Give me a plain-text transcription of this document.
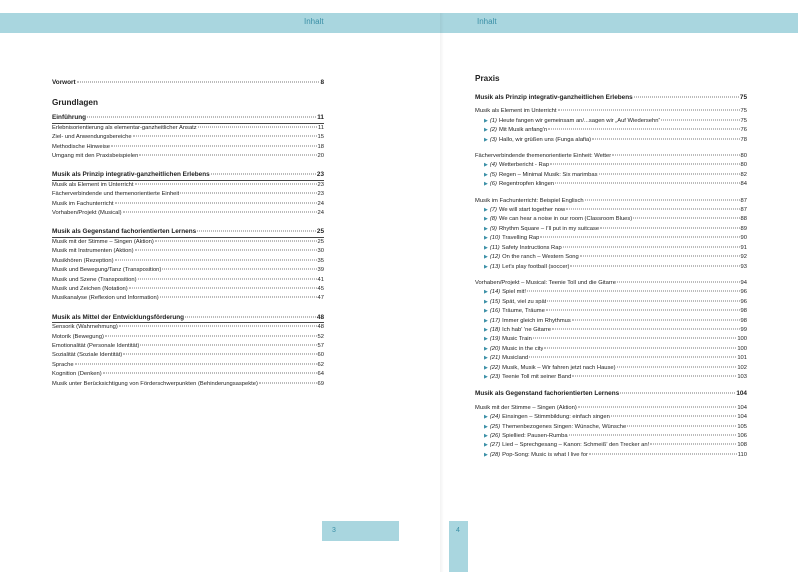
Inhalt	Inhalt
Vorwort	8
Grundlagen
Einführung	11
Erlebnisorientierung als elementar-ganzheitlicher Ansatz	11
Ziel- und Anwendungsbereiche	15
Methodische Hinweise	18
Umgang mit den Praxisbeispielen	20
Musik als Prinzip integrativ-ganzheitlichen Erlebens	23
Musik als Element im Unterricht	23
Fächerverbindende und themenorientierte Einheit	23
Musik im Fachunterricht	24
Vorhaben/Projekt (Musical)	24
Musik als Gegenstand fachorientierten Lernens	25
Musik mit der Stimme – Singen (Aktion)	25
Musik mit Instrumenten (Aktion)	30
Musikhören (Rezeption)	35
Musik und Bewegung/Tanz (Transposition)	39
Musik und Szene (Transposition)	41
Musik und Zeichen (Notation)	45
Musikanalyse (Reflexion und Information)	47
Musik als Mittel der Entwicklungsförderung	48
Sensorik (Wahrnehmung)	48
Motorik (Bewegung)	52
Emotionalität (Personale Identität)	57
Sozialität (Soziale Identität)	60
Sprache	62
Kognition (Denken)	64
Musik unter Berücksichtigung von Förderschwerpunkten (Behinderungsaspekte)	69
Praxis
Musik als Prinzip integrativ-ganzheitlichen Erlebens	75
Musik als Element im Unterricht	75
▶ (1) Heute fangen wir gemeinsam an/...sagen wir „Auf Wiedersehn“	75
▶ (2) Mit Musik anfang’n	76
▶ (3) Hallo, wir grüßen uns (Funga alafia)	78
Fächerverbindende themenorientierte Einheit: Wetter	80
▶ (4) Wetterbericht - Rap	80
▶ (5) Regen – Minimal Musik: Six marimbas	82
▶ (6) Regentropfen klingen	84
Musik im Fachunterricht: Beispiel Englisch	87
▶ (7) We will start together now	87
▶ (8) We can hear a noise in our room (Classroom Blues)	88
▶ (9) Rhythm Square – I’ll put in my suitcase	89
▶ (10) Travelling Rap	90
▶ (11) Safety Instructions Rap	91
▶ (12) On the ranch – Western Song	92
▶ (13) Let’s play football (soccer)	93
Vorhaben/Projekt – Musical: Teenie Toll und die Gitarre	94
▶ (14) Spiel mit!	96
▶ (15) Spät, viel zu spät	96
▶ (16) Träume, Träume	98
▶ (17) Immer gleich im Rhythmus	98
▶ (18) Ich hab’ ’ne Gitarre	99
▶ (19) Music Train	100
▶ (20) Music in the city	100
▶ (21) Musicland	101
▶ (22) Musik, Musik – Wir fahren jetzt nach Hause)	102
▶ (23) Teenie Toll mit seiner Band	103
Musik als Gegenstand fachorientierten Lernens	104
Musik mit der Stimme – Singen (Aktion)	104
▶ (24) Einsingen – Stimmbildung: einfach singen	104
▶ (25) Themenbezogenes Singen: Wünsche, Wünsche	105
▶ (26) Spiellied: Pausen-Rumba	106
▶ (27) Lied – Sprechgesang – Kanon: Schmeiß’ den Trecker an!	108
▶ (28) Pop-Song: Music is what I live for	110
3	4
